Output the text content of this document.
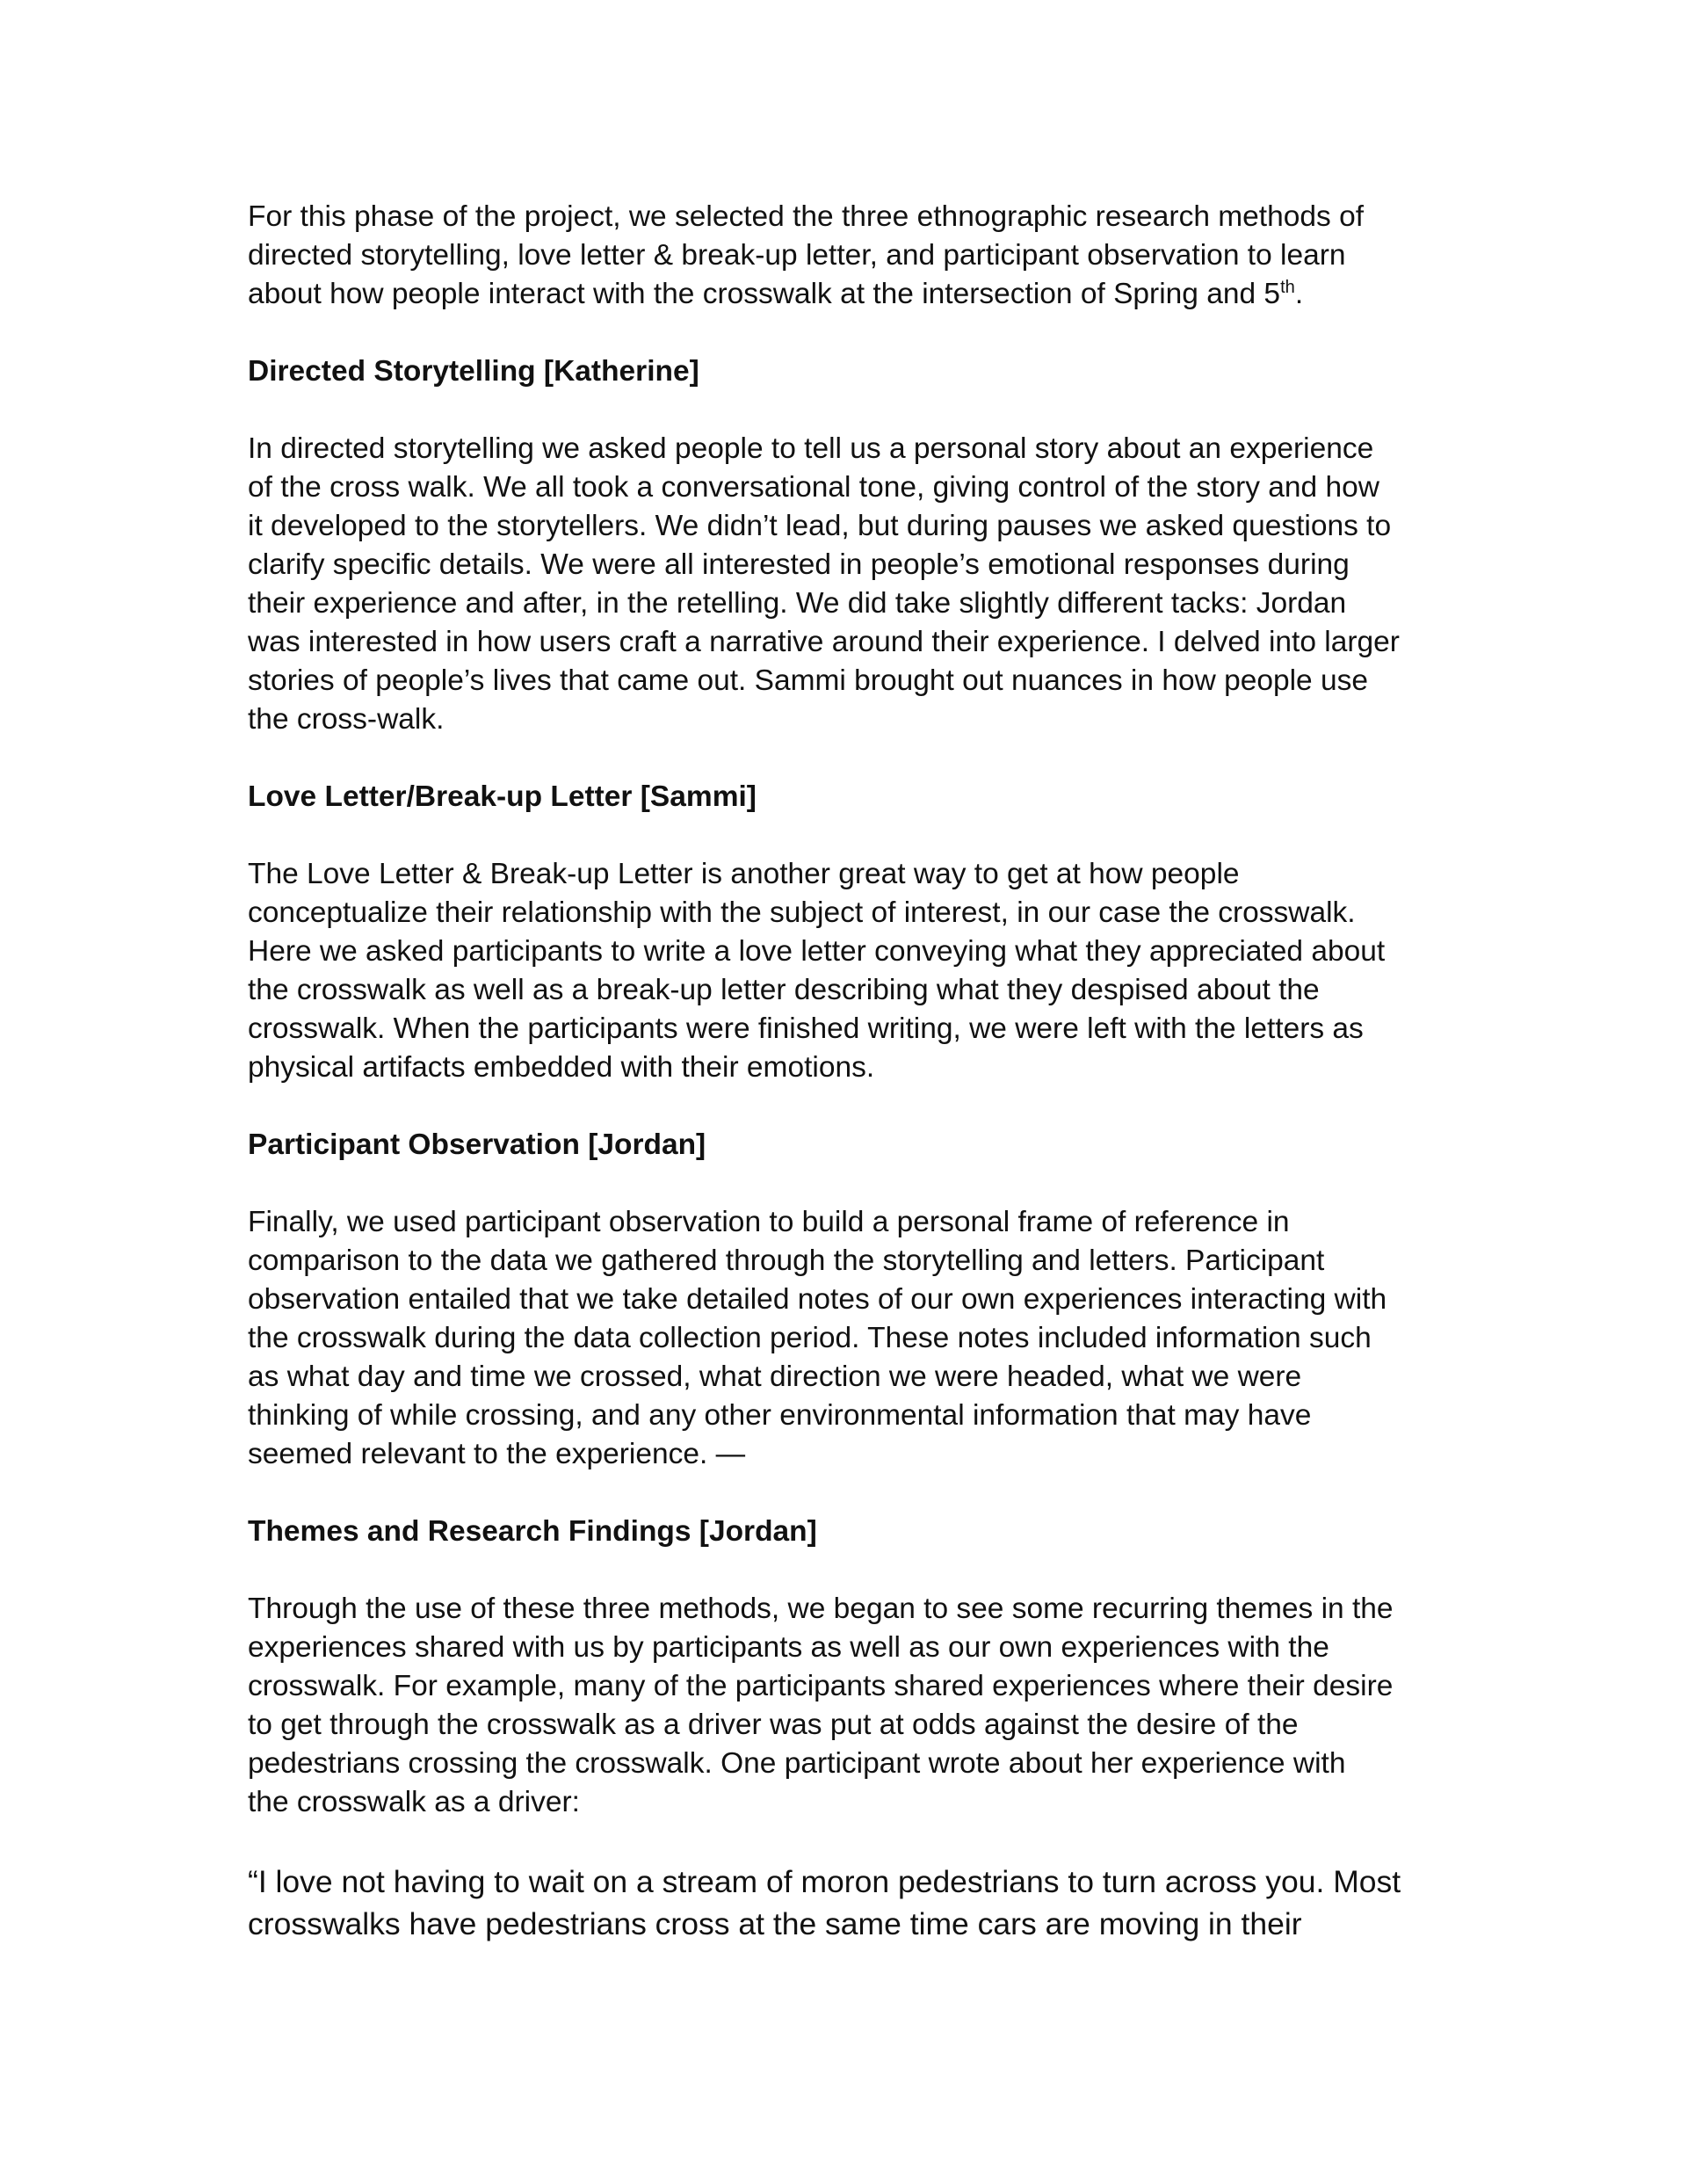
For this phase of the project, we selected the three ethnographic research methods of
directed storytelling, love letter & break-up letter, and participant observation to learn
about how people interact with the crosswalk at the intersection of Spring and 5th.

Directed Storytelling [Katherine]

In directed storytelling we asked people to tell us a personal story about an experience
of the cross walk. We all took a conversational tone, giving control of the story and how
it developed to the storytellers. We didn’t lead, but during pauses we asked questions to
clarify specific details. We were all interested in people’s emotional responses during
their experience and after, in the retelling. We did take slightly different tacks: Jordan
was interested in how users craft a narrative around their experience. I delved into larger
stories of people’s lives that came out. Sammi brought out nuances in how people use
the cross-walk.

Love Letter/Break-up Letter [Sammi]

The Love Letter & Break-up Letter is another great way to get at how people
conceptualize their relationship with the subject of interest, in our case the crosswalk.
Here we asked participants to write a love letter conveying what they appreciated about
the crosswalk as well as a break-up letter describing what they despised about the
crosswalk. When the participants were finished writing, we were left with the letters as
physical artifacts embedded with their emotions.

Participant Observation [Jordan]

Finally, we used participant observation to build a personal frame of reference in
comparison to the data we gathered through the storytelling and letters. Participant
observation entailed that we take detailed notes of our own experiences interacting with
the crosswalk during the data collection period. These notes included information such
as what day and time we crossed, what direction we were headed, what we were
thinking of while crossing, and any other environmental information that may have
seemed relevant to the experience. —

Themes and Research Findings [Jordan]

Through the use of these three methods, we began to see some recurring themes in the
experiences shared with us by participants as well as our own experiences with the
crosswalk. For example, many of the participants shared experiences where their desire
to get through the crosswalk as a driver was put at odds against the desire of the
pedestrians crossing the crosswalk. One participant wrote about her experience with
the crosswalk as a driver:

“I love not having to wait on a stream of moron pedestrians to turn across you. Most
crosswalks have pedestrians cross at the same time cars are moving in their
